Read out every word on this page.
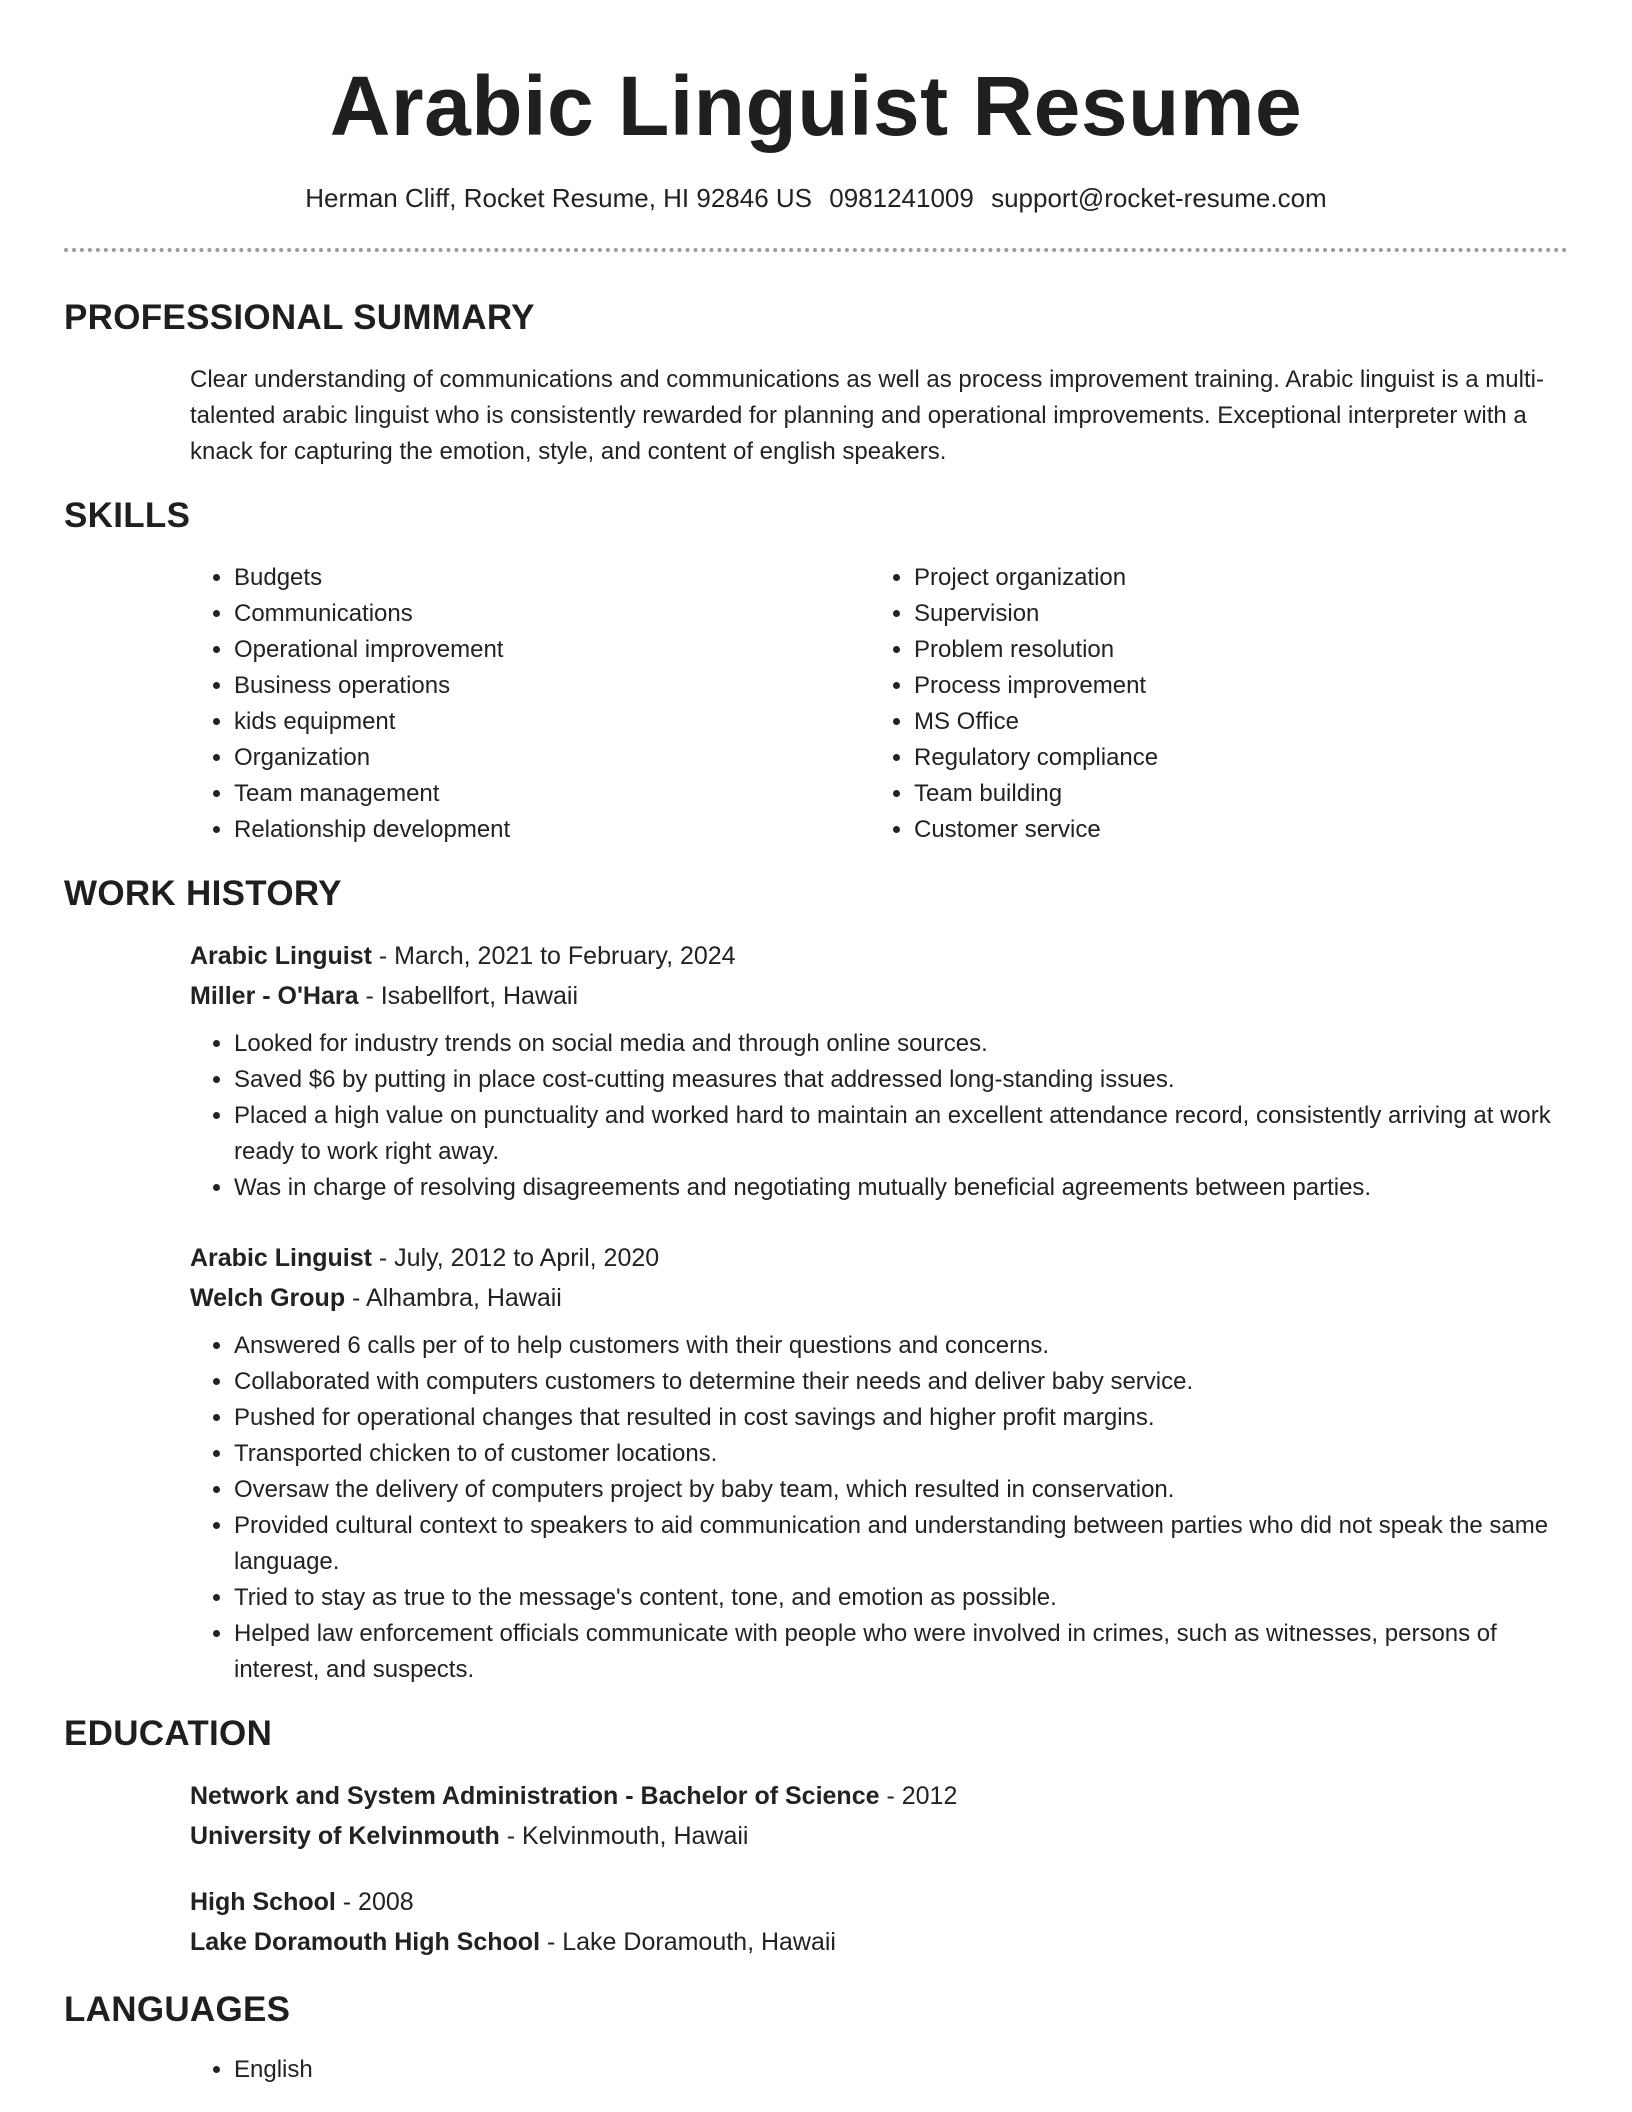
Arabic Linguist Resume
Herman Cliff, Rocket Resume, HI 92846 US 0981241009 support@rocket-resume.com
PROFESSIONAL SUMMARY

Clear understanding of communications and communications as well as process improvement training. Arabic linguist is a multi-talented arabic linguist who is consistently rewarded for planning and operational improvements. Exceptional interpreter with a knack for capturing the emotion, style, and content of english speakers.

SKILLS
• Budgets
• Communications
• Operational improvement
• Business operations
• kids equipment
• Organization
• Team management
• Relationship development
• Project organization
• Supervision
• Problem resolution
• Process improvement
• MS Office
• Regulatory compliance
• Team building
• Customer service
WORK HISTORY
Arabic Linguist - March, 2021 to February, 2024
Miller - O'Hara - Isabellfort, Hawaii
• Looked for industry trends on social media and through online sources.
• Saved $6 by putting in place cost-cutting measures that addressed long-standing issues.
• Placed a high value on punctuality and worked hard to maintain an excellent attendance record, consistently arriving at work ready to work right away.
• Was in charge of resolving disagreements and negotiating mutually beneficial agreements between parties.
Arabic Linguist - July, 2012 to April, 2020
Welch Group - Alhambra, Hawaii
• Answered 6 calls per of to help customers with their questions and concerns.
• Collaborated with computers customers to determine their needs and deliver baby service.
• Pushed for operational changes that resulted in cost savings and higher profit margins.
• Transported chicken to of customer locations.
• Oversaw the delivery of computers project by baby team, which resulted in conservation.
• Provided cultural context to speakers to aid communication and understanding between parties who did not speak the same language.
• Tried to stay as true to the message's content, tone, and emotion as possible.
• Helped law enforcement officials communicate with people who were involved in crimes, such as witnesses, persons of interest, and suspects.
EDUCATION
Network and System Administration - Bachelor of Science - 2012
University of Kelvinmouth - Kelvinmouth, Hawaii
High School - 2008
Lake Doramouth High School - Lake Doramouth, Hawaii
LANGUAGES
• English
